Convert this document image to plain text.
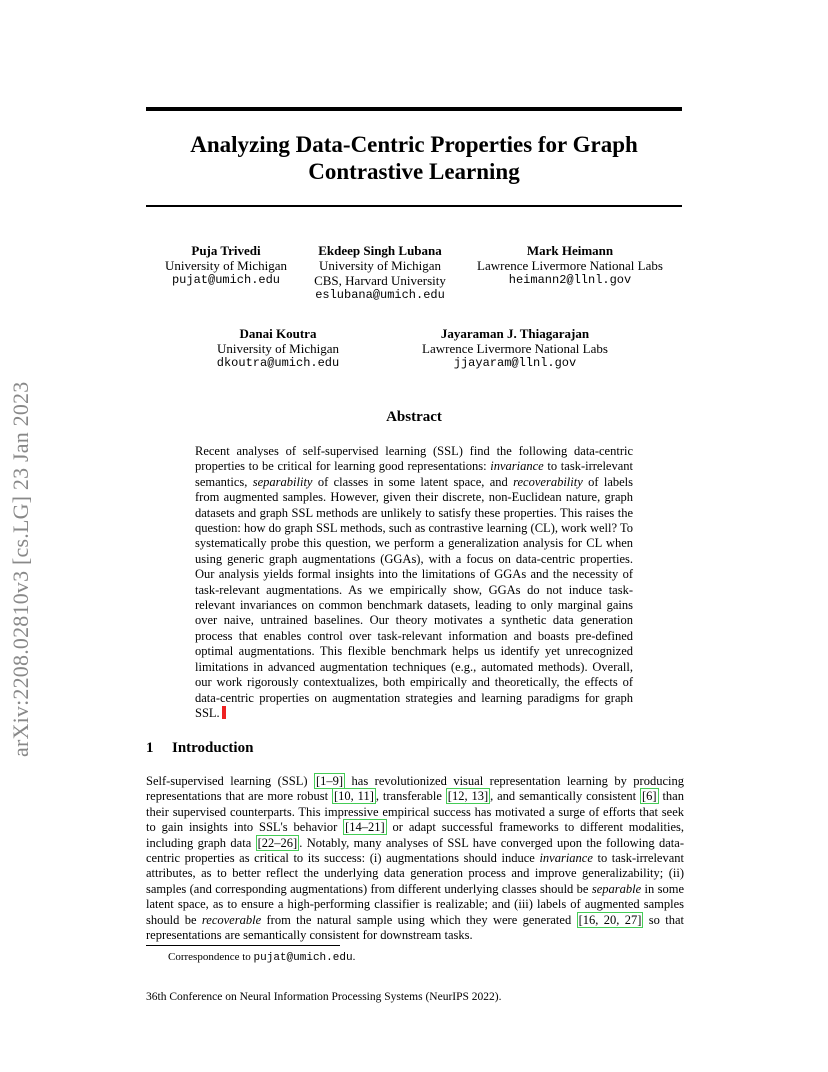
arXiv:2208.02810v3 [cs.LG] 23 Jan 2023
Analyzing Data-Centric Properties for Graph Contrastive Learning
Puja Trivedi
University of Michigan
pujat@umich.edu
Ekdeep Singh Lubana
University of Michigan
CBS, Harvard University
eslubana@umich.edu
Mark Heimann
Lawrence Livermore National Labs
heimann2@llnl.gov
Danai Koutra
University of Michigan
dkoutra@umich.edu
Jayaraman J. Thiagarajan
Lawrence Livermore National Labs
jjayaram@llnl.gov
Abstract
Recent analyses of self-supervised learning (SSL) find the following data-centric properties to be critical for learning good representations: invariance to task-irrelevant semantics, separability of classes in some latent space, and recoverability of labels from augmented samples. However, given their discrete, non-Euclidean nature, graph datasets and graph SSL methods are unlikely to satisfy these properties. This raises the question: how do graph SSL methods, such as contrastive learning (CL), work well? To systematically probe this question, we perform a generalization analysis for CL when using generic graph augmentations (GGAs), with a focus on data-centric properties. Our analysis yields formal insights into the limitations of GGAs and the necessity of task-relevant augmentations. As we empirically show, GGAs do not induce task-relevant invariances on common benchmark datasets, leading to only marginal gains over naive, untrained baselines. Our theory motivates a synthetic data generation process that enables control over task-relevant information and boasts pre-defined optimal augmentations. This flexible benchmark helps us identify yet unrecognized limitations in advanced augmentation techniques (e.g., automated methods). Overall, our work rigorously contextualizes, both empirically and theoretically, the effects of data-centric properties on augmentation strategies and learning paradigms for graph SSL.
1 Introduction
Self-supervised learning (SSL) [1–9] has revolutionized visual representation learning by producing representations that are more robust [10, 11] , transferable [12, 13] , and semantically consistent [6] than their supervised counterparts. This impressive empirical success has motivated a surge of efforts that seek to gain insights into SSL's behavior [14–21] or adapt successful frameworks to different modalities, including graph data [22–26] . Notably, many analyses of SSL have converged upon the following data-centric properties as critical to its success: (i) augmentations should induce invariance to task-irrelevant attributes, as to better reflect the underlying data generation process and improve generalizability; (ii) samples (and corresponding augmentations) from different underlying classes should be separable in some latent space, as to ensure a high-performing classifier is realizable; and (iii) labels of augmented samples should be recoverable from the natural sample using which they were generated [16, 20, 27] so that representations are semantically consistent for downstream tasks.
Correspondence to pujat@umich.edu.
36th Conference on Neural Information Processing Systems (NeurIPS 2022).
